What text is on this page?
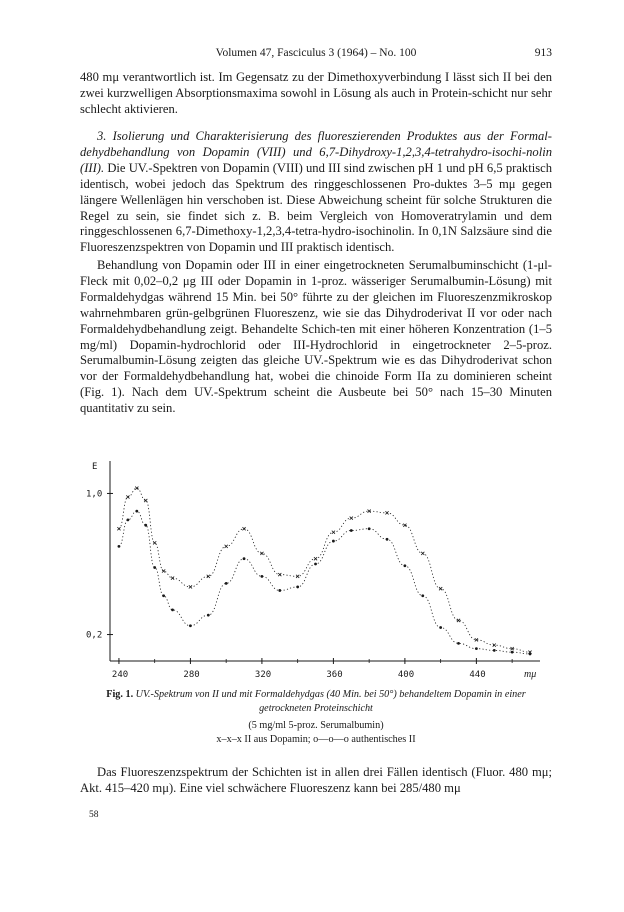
Volumen 47, Fasciculus 3 (1964) – No. 100	913

480 mμ verantwortlich ist. Im Gegensatz zu der Dimethoxyverbindung I lässt sich II bei den zwei kurzwelligen Absorptionsmaxima sowohl in Lösung als auch in Protein-schicht nur sehr schlecht aktivieren.

3. Isolierung und Charakterisierung des fluoreszierenden Produktes aus der Formal-dehydbehandlung von Dopamin (VIII) und 6,7-Dihydroxy-1,2,3,4-tetrahydro-isochi-nolin (III). Die UV.-Spektren von Dopamin (VIII) und III sind zwischen pH 1 und pH 6,5 praktisch identisch, wobei jedoch das Spektrum des ringgeschlossenen Pro-duktes 3–5 mμ gegen längere Wellenlägen hin verschoben ist. Diese Abweichung scheint für solche Strukturen die Regel zu sein, sie findet sich z. B. beim Vergleich von Homoveratrylamin und dem ringgeschlossenen 6,7-Dimethoxy-1,2,3,4-tetra-hydro-isochinolin. In 0,1N Salzsäure sind die Fluoreszenzspektren von Dopamin und III praktisch identisch.

Behandlung von Dopamin oder III in einer eingetrockneten Serumalbuminschicht (1-μl-Fleck mit 0,02–0,2 μg III oder Dopamin in 1-proz. wässeriger Serumalbumin-Lösung) mit Formaldehydgas während 15 Min. bei 50° führte zu der gleichen im Fluoreszenzmikroskop wahrnehmbaren grün-gelbgrünen Fluoreszenz, wie sie das Dihydroderivat II vor oder nach Formaldehydbehandlung zeigt. Behandelte Schich-ten mit einer höheren Konzentration (1–5 mg/ml) Dopamin-hydrochlorid oder III-Hydrochlorid in eingetrockneter 2–5-proz. Serumalbumin-Lösung zeigten das gleiche UV.-Spektrum wie es das Dihydroderivat schon vor der Formaldehydbehandlung hat, wobei die chinoide Form IIa zu dominieren scheint (Fig. 1). Nach dem UV.-Spektrum scheint die Ausbeute bei 50° nach 15–30 Minuten quantitativ zu sein.

E
1,0
0,2
240	280	320	360	400	440	mμ
Fig. 1. UV.-Spektrum von II und mit Formaldehydgas (40 Min. bei 50°) behandeltem Dopamin in einer getrockneten Proteinschicht
(5 mg/ml 5-proz. Serumalbumin)
x–x–x II aus Dopamin; o—o—o authentisches II

Das Fluoreszenzspektrum der Schichten ist in allen drei Fällen identisch (Fluor. 480 mμ; Akt. 415–420 mμ). Eine viel schwächere Fluoreszenz kann bei 285/480 mμ

58
